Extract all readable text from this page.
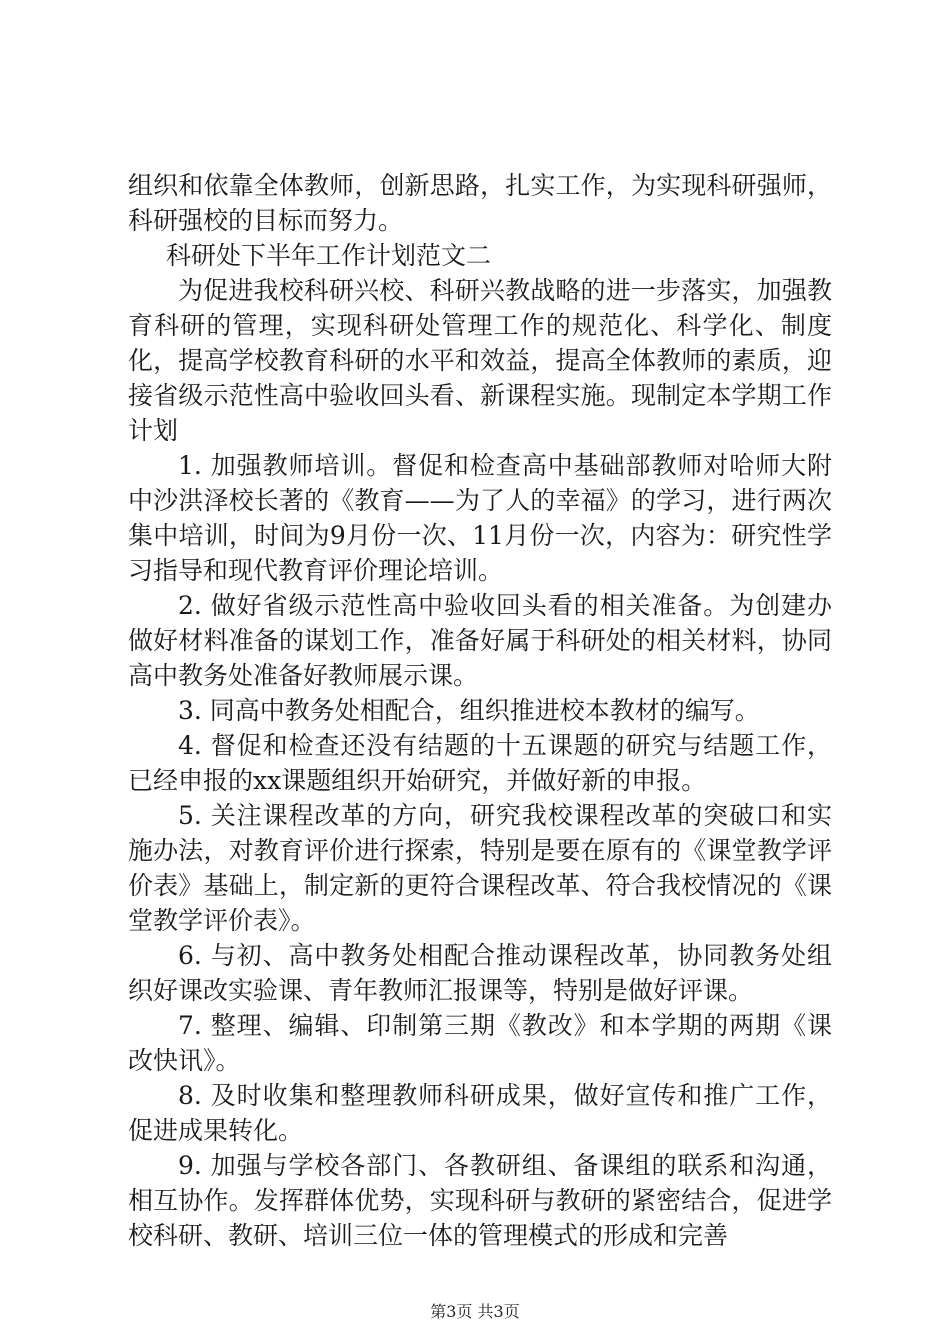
组织和依靠全体教师，创新思路，扎实工作，为实现科研强师，科研强校的目标而努力。

科研处下半年工作计划范文二

为促进我校科研兴校、科研兴教战略的进一步落实，加强教育科研的管理，实现科研处管理工作的规范化、科学化、制度化，提高学校教育科研的水平和效益，提高全体教师的素质，迎接省级示范性高中验收回头看、新课程实施。现制定本学期工作计划

1. 加强教师培训。督促和检查高中基础部教师对哈师大附中沙洪泽校长著的《教育——为了人的幸福》的学习，进行两次集中培训，时间为9月份一次、11月份一次，内容为：研究性学习指导和现代教育评价理论培训。

2. 做好省级示范性高中验收回头看的相关准备。为创建办做好材料准备的谋划工作，准备好属于科研处的相关材料，协同高中教务处准备好教师展示课。

3. 同高中教务处相配合，组织推进校本教材的编写。

4. 督促和检查还没有结题的十五课题的研究与结题工作，已经申报的xx课题组织开始研究，并做好新的申报。

5. 关注课程改革的方向，研究我校课程改革的突破口和实施办法，对教育评价进行探索，特别是要在原有的《课堂教学评价表》基础上，制定新的更符合课程改革、符合我校情况的《课堂教学评价表》。

6. 与初、高中教务处相配合推动课程改革，协同教务处组织好课改实验课、青年教师汇报课等，特别是做好评课。

7. 整理、编辑、印制第三期《教改》和本学期的两期《课改快讯》。

8. 及时收集和整理教师科研成果，做好宣传和推广工作，促进成果转化。

9. 加强与学校各部门、各教研组、备课组的联系和沟通，相互协作。发挥群体优势，实现科研与教研的紧密结合，促进学校科研、教研、培训三位一体的管理模式的形成和完善

第3页 共3页
